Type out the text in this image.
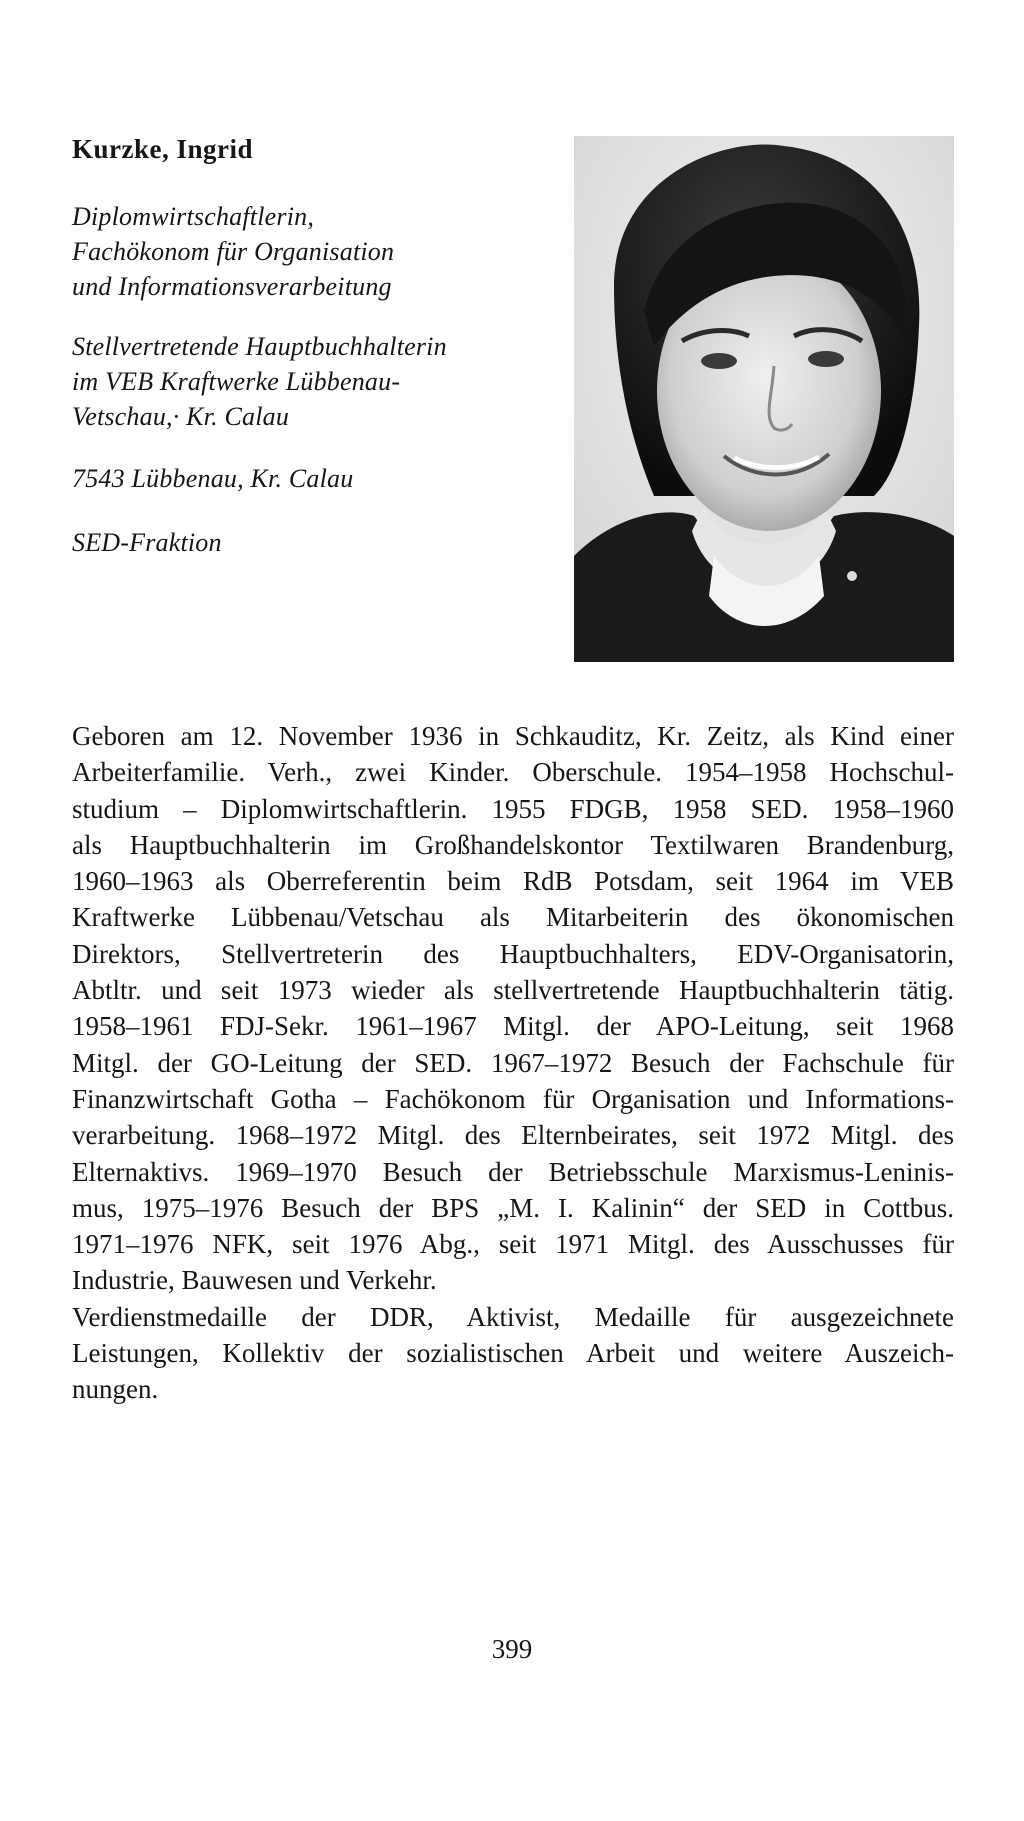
Kurzke, Ingrid
Diplomwirtschaftlerin,
Fachökonom für Organisation
und Informationsverarbeitung
Stellvertretende Hauptbuchhalterin
im VEB Kraftwerke Lübbenau-
Vetschau,· Kr. Calau
7543 Lübbenau, Kr. Calau
SED-Fraktion
Geboren am 12. November 1936 in Schkauditz, Kr. Zeitz, als Kind einer
Arbeiterfamilie. Verh., zwei Kinder. Oberschule. 1954–1958 Hochschul-
studium – Diplomwirtschaftlerin. 1955 FDGB, 1958 SED. 1958–1960
als Hauptbuchhalterin im Großhandelskontor Textilwaren Brandenburg,
1960–1963 als Oberreferentin beim RdB Potsdam, seit 1964 im VEB
Kraftwerke Lübbenau/Vetschau als Mitarbeiterin des ökonomischen
Direktors, Stellvertreterin des Hauptbuchhalters, EDV-Organisatorin,
Abtltr. und seit 1973 wieder als stellvertretende Hauptbuchhalterin tätig.
1958–1961 FDJ-Sekr. 1961–1967 Mitgl. der APO-Leitung, seit 1968
Mitgl. der GO-Leitung der SED. 1967–1972 Besuch der Fachschule für
Finanzwirtschaft Gotha – Fachökonom für Organisation und Informations-
verarbeitung. 1968–1972 Mitgl. des Elternbeirates, seit 1972 Mitgl. des
Elternaktivs. 1969–1970 Besuch der Betriebsschule Marxismus-Leninis-
mus, 1975–1976 Besuch der BPS „M. I. Kalinin“ der SED in Cottbus.
1971–1976 NFK, seit 1976 Abg., seit 1971 Mitgl. des Ausschusses für
Industrie, Bauwesen und Verkehr.
Verdienstmedaille der DDR, Aktivist, Medaille für ausgezeichnete
Leistungen, Kollektiv der sozialistischen Arbeit und weitere Auszeich-
nungen.
399
